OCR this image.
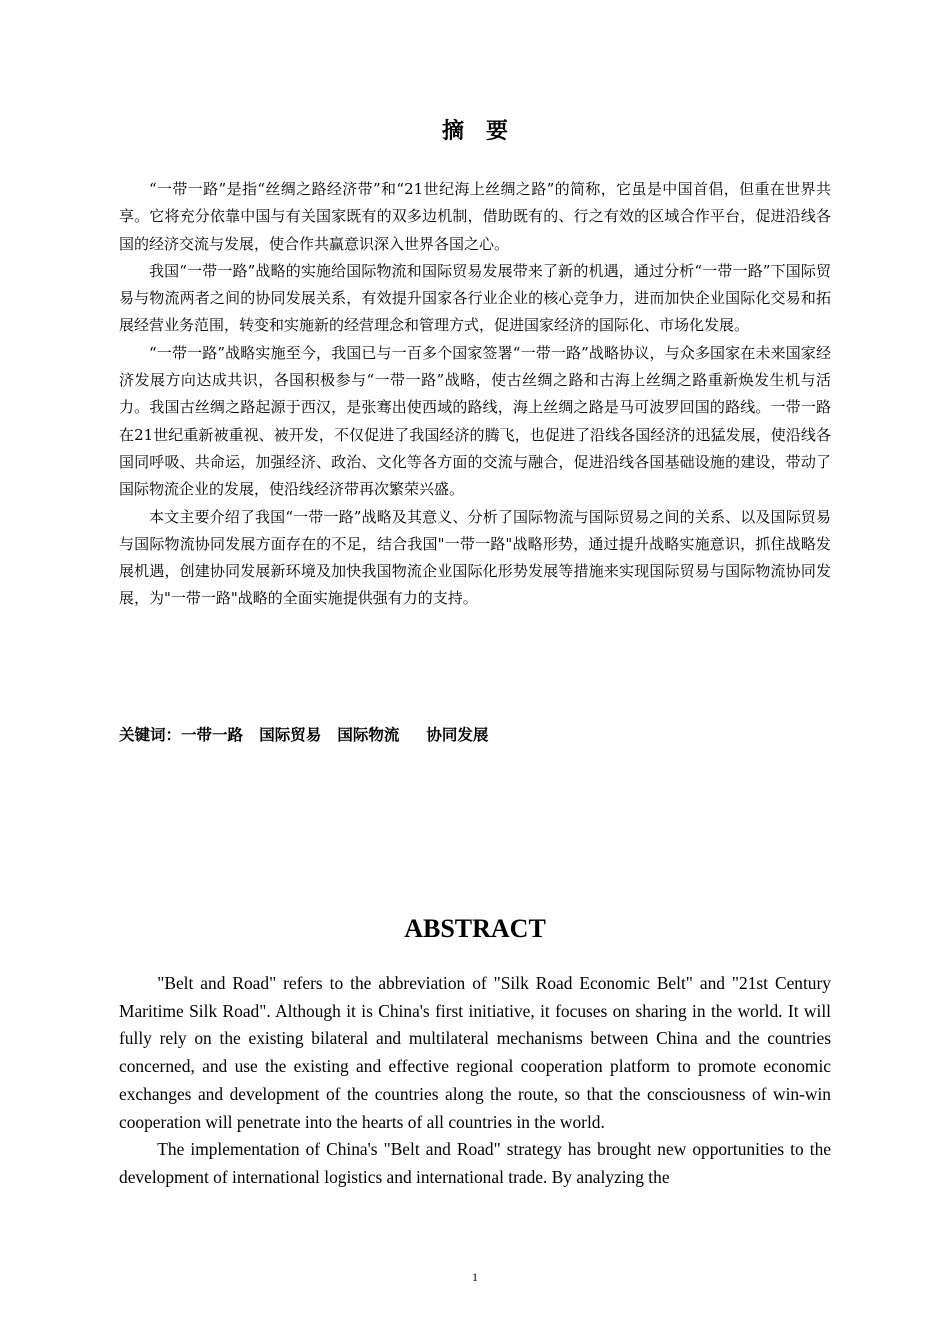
摘要

“一带一路”是指“丝绸之路经济带”和“21世纪海上丝绸之路”的简称，它虽是中国首倡，但重在世界共享。它将充分依靠中国与有关国家既有的双多边机制，借助既有的、行之有效的区域合作平台，促进沿线各国的经济交流与发展，使合作共赢意识深入世界各国之心。

我国“一带一路”战略的实施给国际物流和国际贸易发展带来了新的机遇，通过分析“一带一路”下国际贸易与物流两者之间的协同发展关系，有效提升国家各行业企业的核心竞争力，进而加快企业国际化交易和拓展经营业务范围，转变和实施新的经营理念和管理方式，促进国家经济的国际化、市场化发展。

“一带一路”战略实施至今，我国已与一百多个国家签署“一带一路”战略协议，与众多国家在未来国家经济发展方向达成共识，各国积极参与“一带一路”战略，使古丝绸之路和古海上丝绸之路重新焕发生机与活力。我国古丝绸之路起源于西汉，是张骞出使西域的路线，海上丝绸之路是马可波罗回国的路线。一带一路在21世纪重新被重视、被开发，不仅促进了我国经济的腾飞，也促进了沿线各国经济的迅猛发展，使沿线各国同呼吸、共命运，加强经济、政治、文化等各方面的交流与融合，促进沿线各国基础设施的建设，带动了国际物流企业的发展，使沿线经济带再次繁荣兴盛。

本文主要介绍了我国“一带一路”战略及其意义、分析了国际物流与国际贸易之间的关系、以及国际贸易与国际物流协同发展方面存在的不足，结合我国"一带一路"战略形势，通过提升战略实施意识，抓住战略发展机遇，创建协同发展新环境及加快我国物流企业国际化形势发展等措施来实现国际贸易与国际物流协同发展，为"一带一路"战略的全面实施提供强有力的支持。

关键词：一带一路   国际贸易   国际物流     协同发展
ABSTRACT

"Belt and Road" refers to the abbreviation of "Silk Road Economic Belt" and "21st Century Maritime Silk Road". Although it is China's first initiative, it focuses on sharing in the world. It will fully rely on the existing bilateral and multilateral mechanisms between China and the countries concerned, and use the existing and effective regional cooperation platform to promote economic exchanges and development of the countries along the route, so that the consciousness of win-win cooperation will penetrate into the hearts of all countries in the world.

The implementation of China's "Belt and Road" strategy has brought new opportunities to the development of international logistics and international trade. By analyzing the

1
